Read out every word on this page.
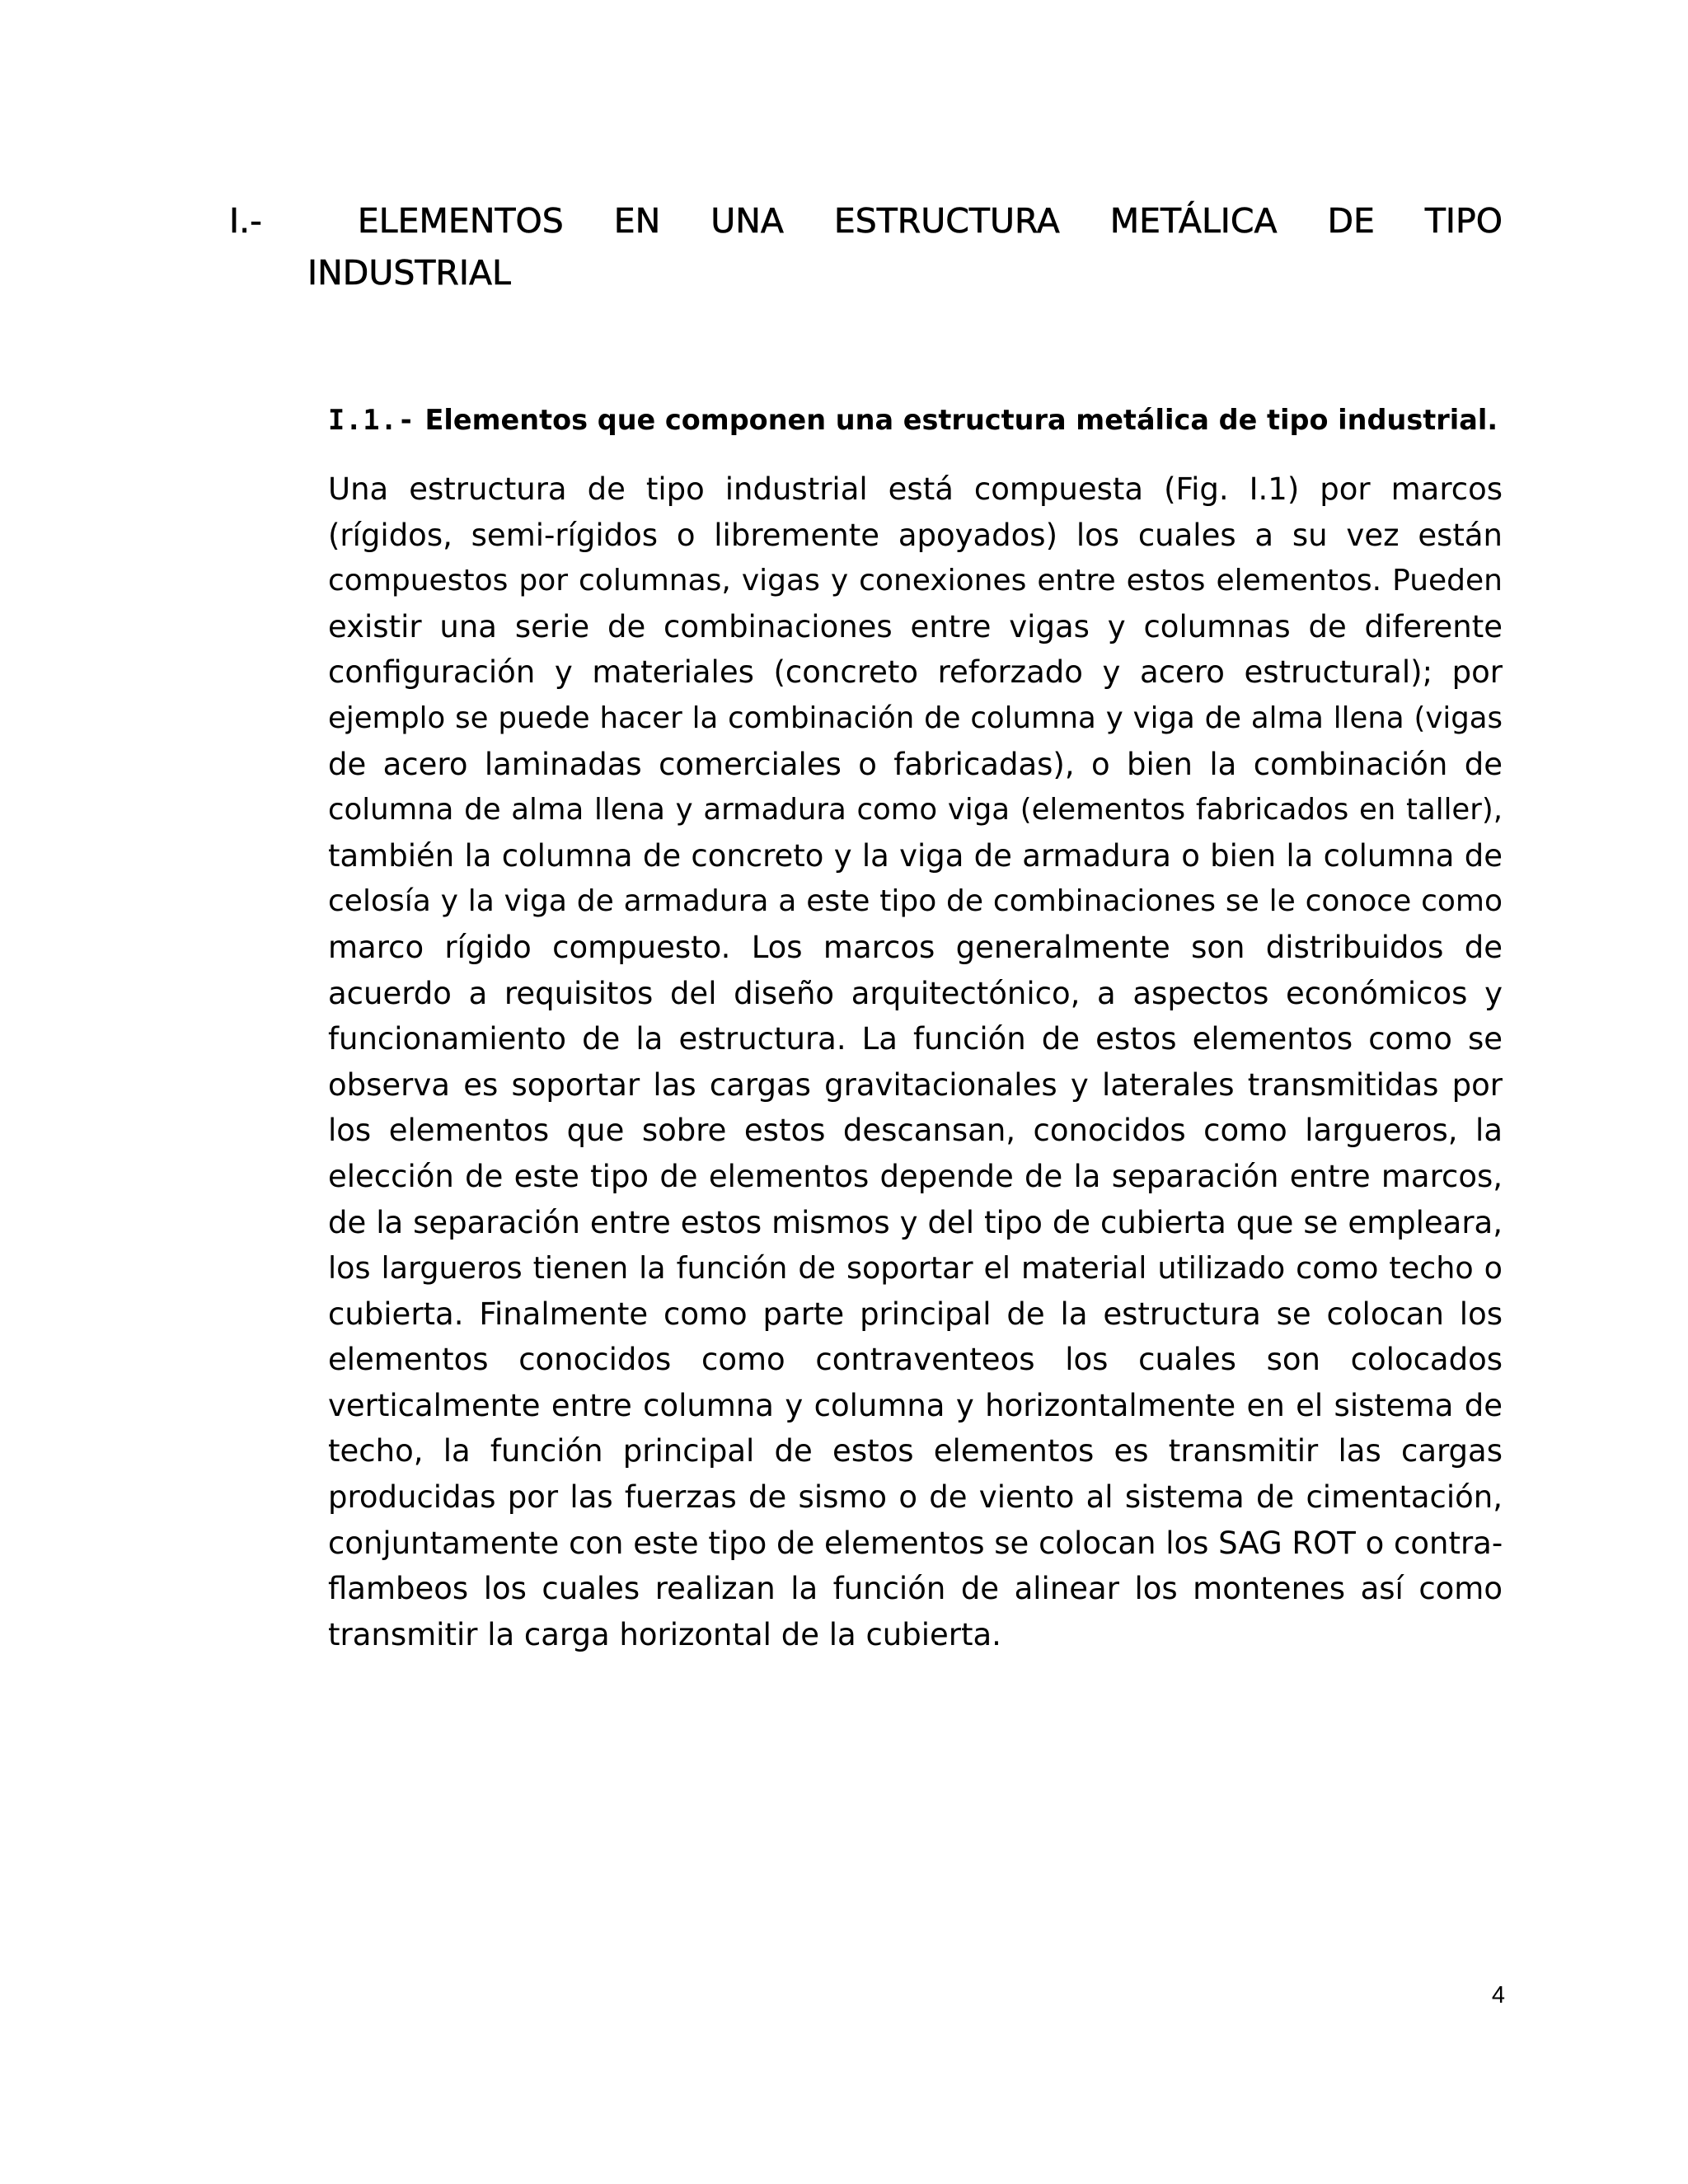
I.-	ELEMENTOS EN UNA ESTRUCTURA METÁLICA DE TIPO
INDUSTRIAL
I.1.- Elementos que componen una estructura metálica de tipo industrial.
Una estructura de tipo industrial está compuesta (Fig. I.1) por marcos
(rígidos, semi-rígidos o libremente apoyados) los cuales a su vez están
compuestos por columnas, vigas y conexiones entre estos elementos. Pueden
existir una serie de combinaciones entre vigas y columnas de diferente
configuración y materiales (concreto reforzado y acero estructural); por
ejemplo se puede hacer la combinación de columna y viga de alma llena (vigas
de acero laminadas comerciales o fabricadas), o bien la combinación de
columna de alma llena y armadura como viga (elementos fabricados en taller),
también la columna de concreto y la viga de armadura o bien la columna de
celosía y la viga de armadura a este tipo de combinaciones se le conoce como
marco rígido compuesto. Los marcos generalmente son distribuidos de
acuerdo a requisitos del diseño arquitectónico, a aspectos económicos y
funcionamiento de la estructura. La función de estos elementos como se
observa es soportar las cargas gravitacionales y laterales transmitidas por
los elementos que sobre estos descansan, conocidos como largueros, la
elección de este tipo de elementos depende de la separación entre marcos,
de la separación entre estos mismos y del tipo de cubierta que se empleara,
los largueros tienen la función de soportar el material utilizado como techo o
cubierta. Finalmente como parte principal de la estructura se colocan los
elementos conocidos como contraventeos los cuales son colocados
verticalmente entre columna y columna y horizontalmente en el sistema de
techo, la función principal de estos elementos es transmitir las cargas
producidas por las fuerzas de sismo o de viento al sistema de cimentación,
conjuntamente con este tipo de elementos se colocan los SAG ROT o contra-
flambeos los cuales realizan la función de alinear los montenes así como
transmitir la carga horizontal de la cubierta.
4
